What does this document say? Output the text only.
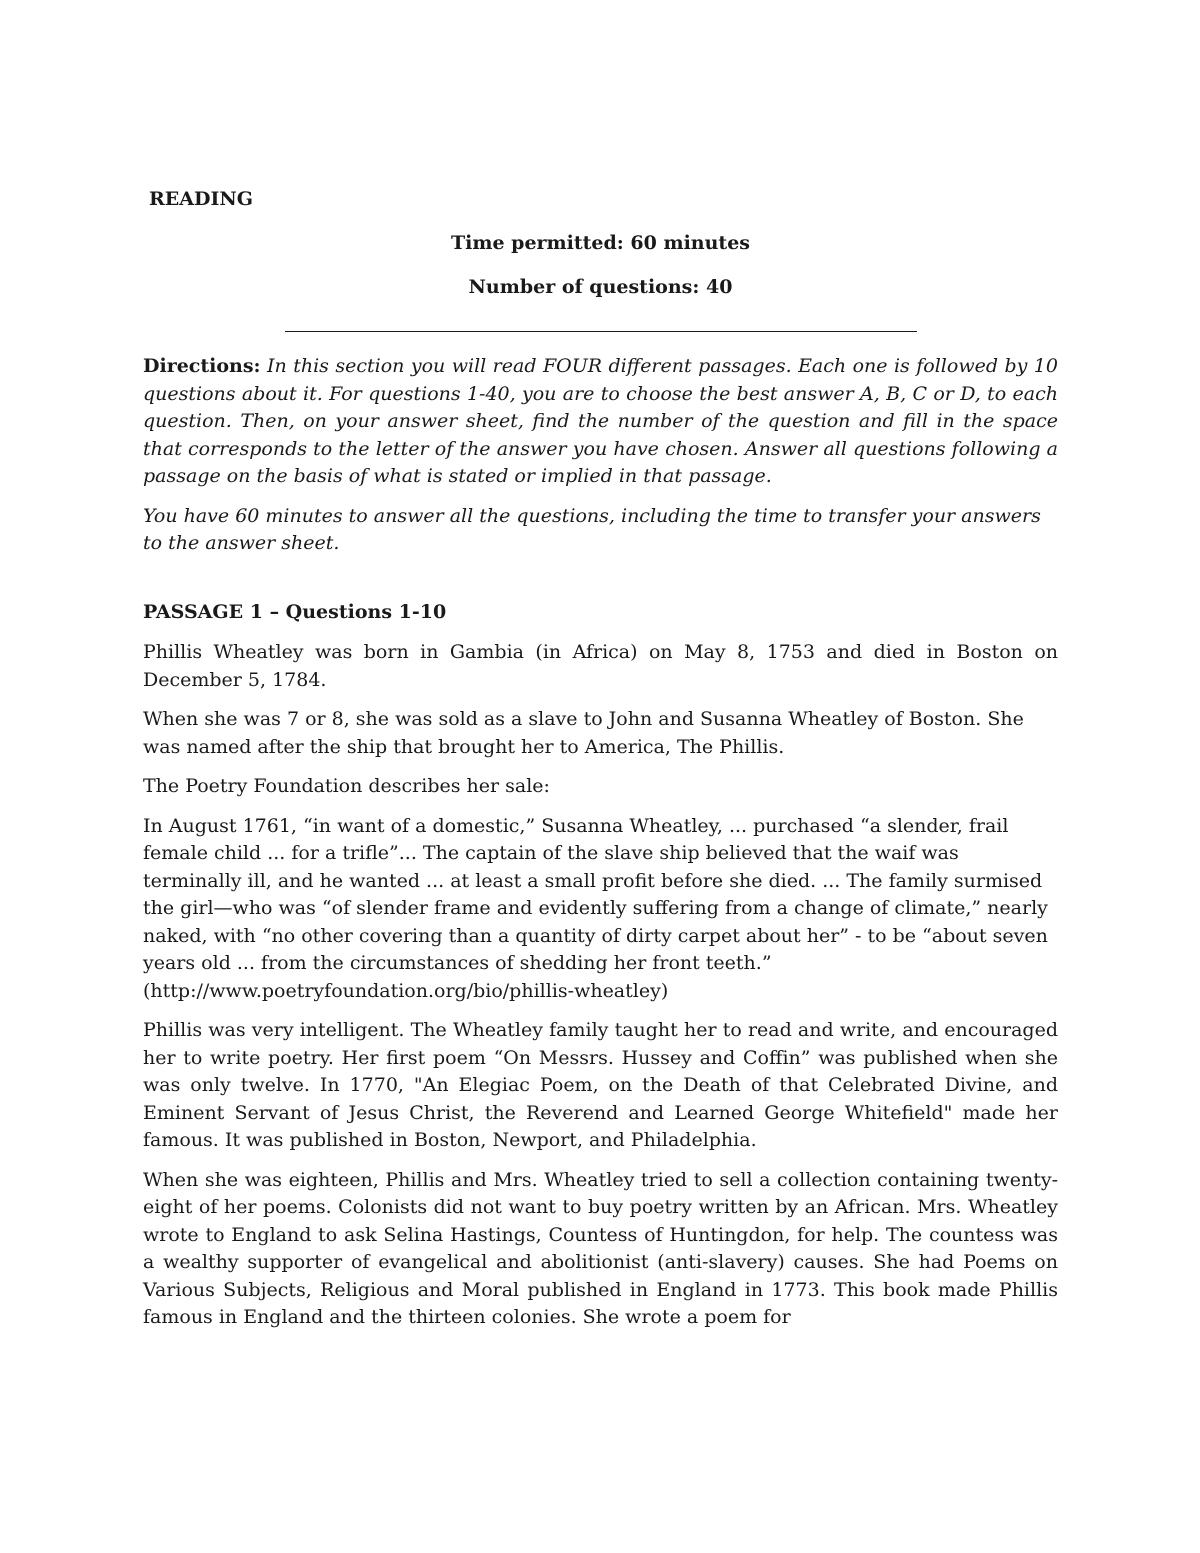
READING
Time permitted: 60 minutes
Number of questions: 40

Directions: In this section you will read FOUR different passages. Each one is followed by 10 questions about it. For questions 1-40, you are to choose the best answer A, B, C or D, to each question. Then, on your answer sheet, find the number of the question and fill in the space that corresponds to the letter of the answer you have chosen. Answer all questions following a passage on the basis of what is stated or implied in that passage.

You have 60 minutes to answer all the questions, including the time to transfer your answers to the answer sheet.

PASSAGE 1 – Questions 1-10

Phillis Wheatley was born in Gambia (in Africa) on May 8, 1753 and died in Boston on December 5, 1784.

When she was 7 or 8, she was sold as a slave to John and Susanna Wheatley of Boston. She was named after the ship that brought her to America, The Phillis.

The Poetry Foundation describes her sale:

In August 1761, “in want of a domestic,” Susanna Wheatley, ... purchased “a slender, frail female child ... for a trifle”... The captain of the slave ship believed that the waif was terminally ill, and he wanted ... at least a small profit before she died. ... The family surmised the girl—who was “of slender frame and evidently suffering from a change of climate,” nearly naked, with “no other covering than a quantity of dirty carpet about her” - to be “about seven years old ... from the circumstances of shedding her front teeth.” (http://www.poetryfoundation.org/bio/phillis-wheatley)

Phillis was very intelligent. The Wheatley family taught her to read and write, and encouraged her to write poetry. Her first poem “On Messrs. Hussey and Coffin” was published when she was only twelve. In 1770, "An Elegiac Poem, on the Death of that Celebrated Divine, and Eminent Servant of Jesus Christ, the Reverend and Learned George Whitefield" made her famous. It was published in Boston, Newport, and Philadelphia.

When she was eighteen, Phillis and Mrs. Wheatley tried to sell a collection containing twenty-eight of her poems. Colonists did not want to buy poetry written by an African. Mrs. Wheatley wrote to England to ask Selina Hastings, Countess of Huntingdon, for help. The countess was a wealthy supporter of evangelical and abolitionist (anti-slavery) causes. She had Poems on Various Subjects, Religious and Moral published in England in 1773. This book made Phillis famous in England and the thirteen colonies. She wrote a poem for
